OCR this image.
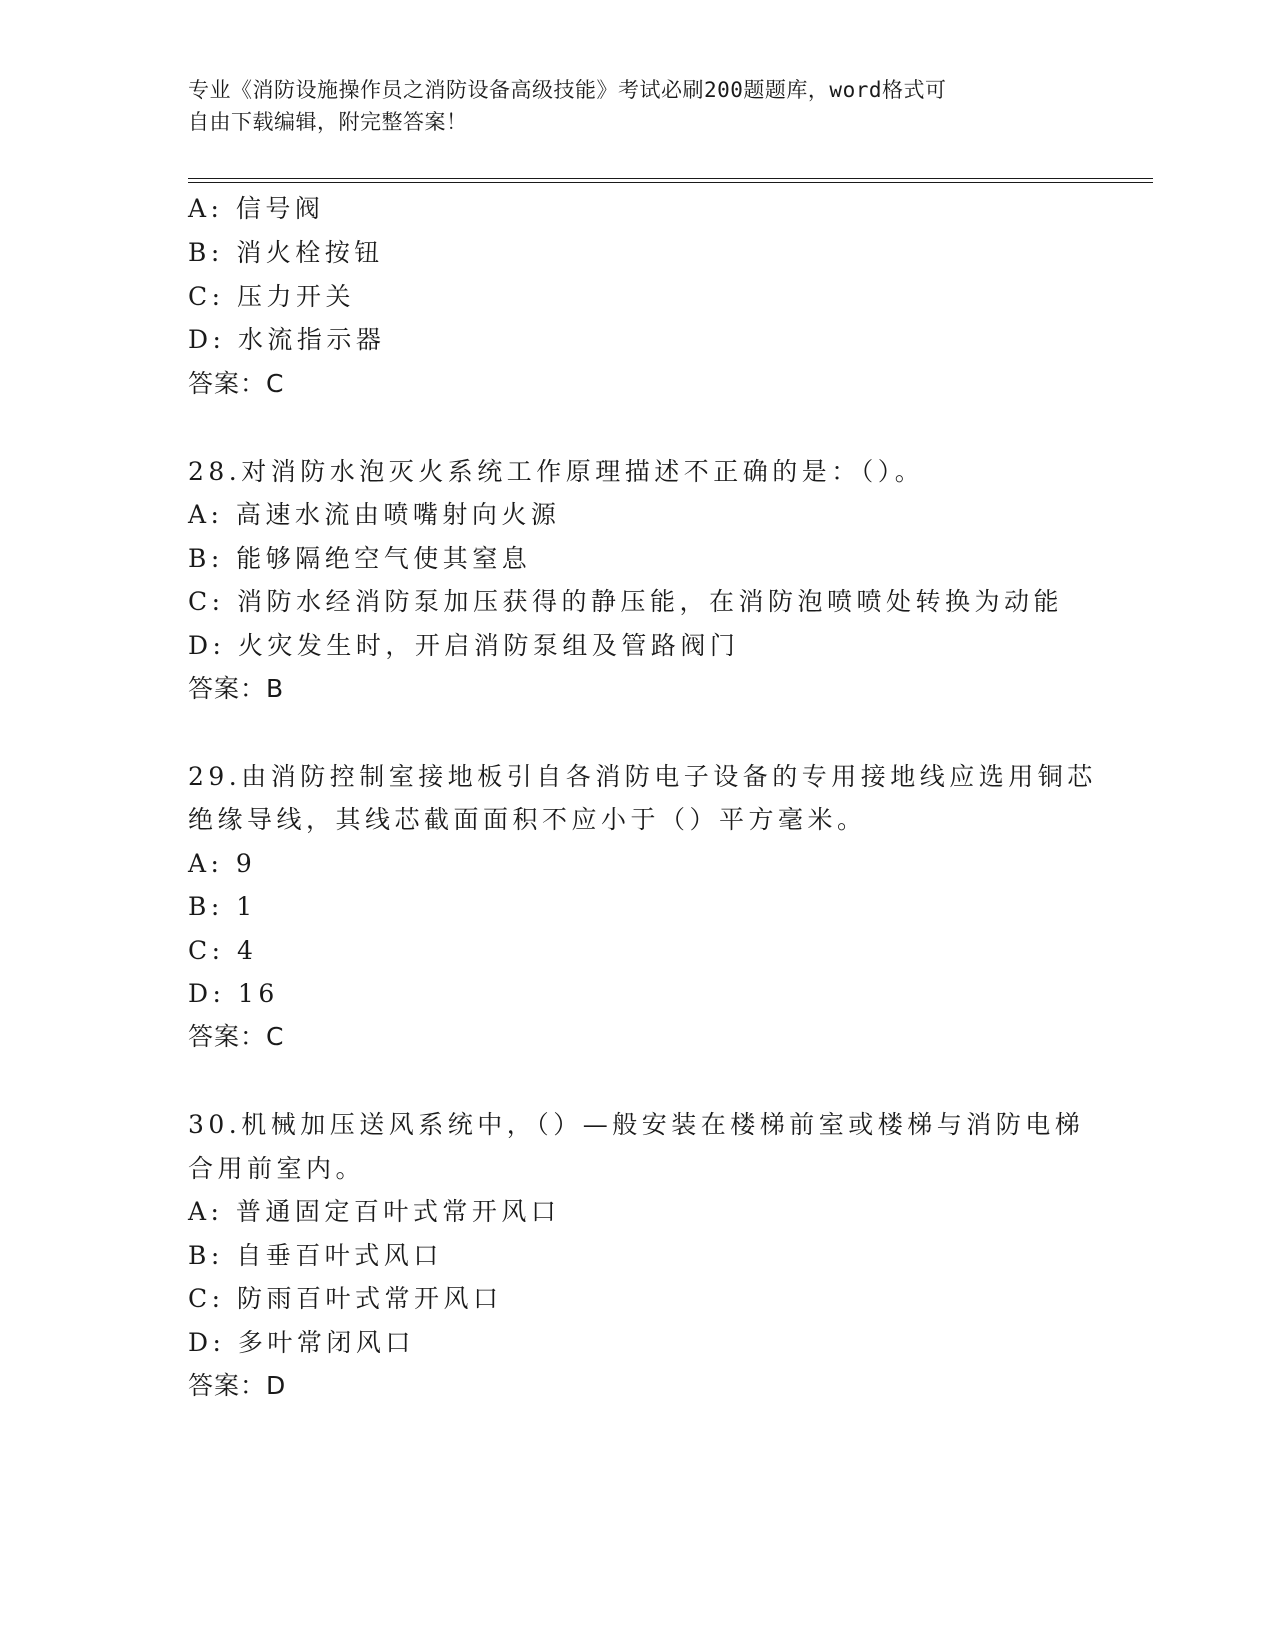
专业《消防设施操作员之消防设备高级技能》考试必刷200题题库，word格式可
自由下载编辑，附完整答案！
A: 信号阀
B: 消火栓按钮
C: 压力开关
D: 水流指示器
答案：C
28.对消防水泡灭火系统工作原理描述不正确的是：（）。
A: 高速水流由喷嘴射向火源
B: 能够隔绝空气使其窒息
C: 消防水经消防泵加压获得的静压能，在消防泡喷喷处转换为动能
D: 火灾发生时，开启消防泵组及管路阀门
答案：B
29.由消防控制室接地板引自各消防电子设备的专用接地线应选用铜芯
绝缘导线，其线芯截面面积不应小于（）平方毫米。
A: 9
B: 1
C: 4
D: 16
答案：C
30.机械加压送风系统中，（）—般安装在楼梯前室或楼梯与消防电梯
合用前室内。
A: 普通固定百叶式常开风口
B: 自垂百叶式风口
C: 防雨百叶式常开风口
D: 多叶常闭风口
答案：D
